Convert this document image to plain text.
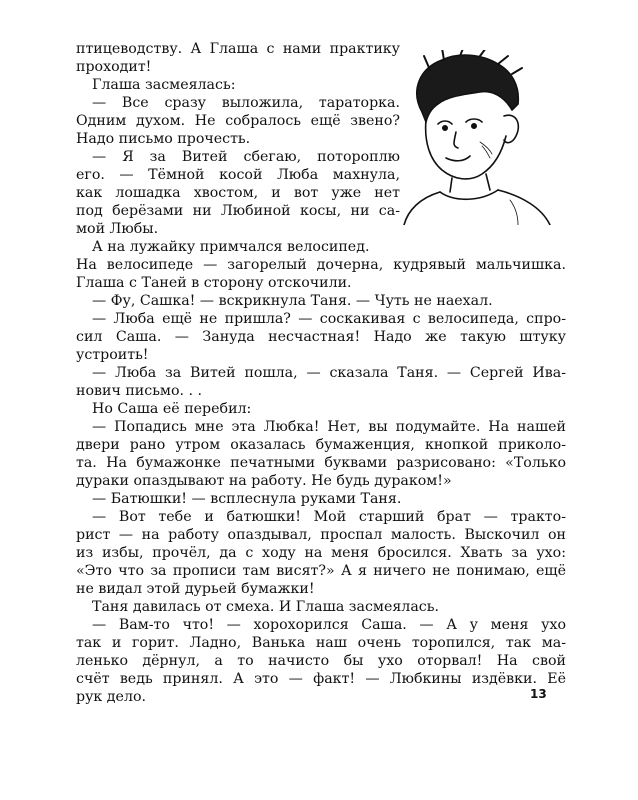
птицеводству. А Глаша с нами практику

проходит!

Глаша засмеялась:

— Все сразу выложила, тараторка.

Одним духом. Не собралось ещё звено?

Надо письмо прочесть.

— Я за Витей сбегаю, потороплю

его. — Тёмной косой Люба махнула,

как лошадка хвостом, и вот уже нет

под берёзами ни Любиной косы, ни са-

мой Любы.

А на лужайку примчался велосипед.

На велосипеде — загорелый дочерна, кудрявый мальчишка.

Глаша с Таней в сторону отскочили.

— Фу, Сашка! — вскрикнула Таня. — Чуть не наехал.

— Люба ещё не пришла? — соскакивая с велосипеда, спро-

сил Саша. — Зануда несчастная! Надо же такую штуку

устроить!

— Люба за Витей пошла, — сказала Таня. — Сергей Ива-

нович письмо. . .

Но Саша её перебил:

— Попадись мне эта Любка! Нет, вы подумайте. На нашей

двери рано утром оказалась бумаженция, кнопкой приколо-

та. На бумажонке печатными буквами разрисовано: «Только

дураки опаздывают на работу. Не будь дураком!»

— Батюшки! — всплеснула руками Таня.

— Вот тебе и батюшки! Мой старший брат — тракто-

рист — на работу опаздывал, проспал малость. Выскочил он

из избы, прочёл, да с ходу на меня бросился. Хвать за ухо:

«Это что за прописи там висят?» А я ничего не понимаю, ещё

не видал этой дурьей бумажки!

Таня давилась от смеха. И Глаша засмеялась.

— Вам-то что! — хорохорился Саша. — А у меня ухо

так и горит. Ладно, Ванька наш очень торопился, так ма-

ленько дёрнул, а то начисто бы ухо оторвал! На свой

счёт ведь принял. А это — факт! — Любкины издёвки. Её

рук дело.	13
